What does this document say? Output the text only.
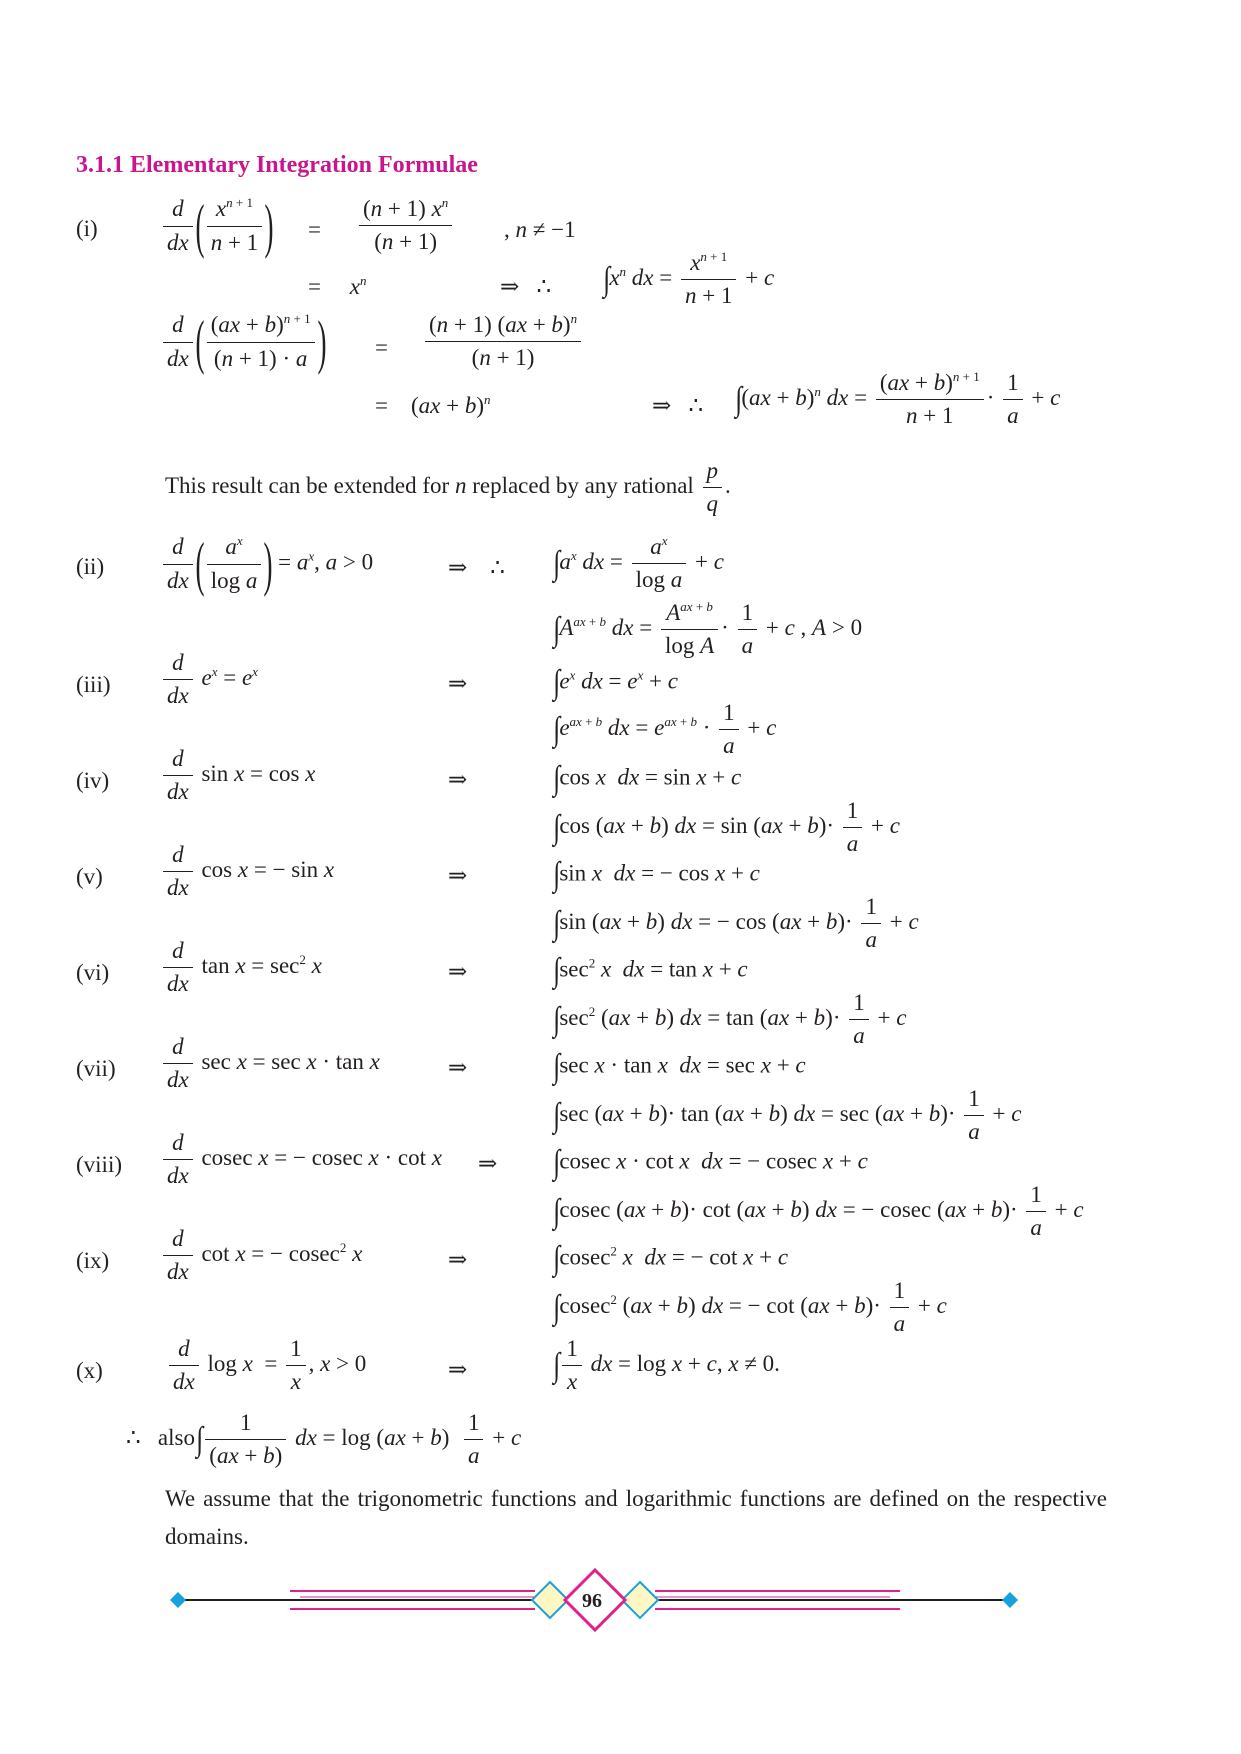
3.1.1 Elementary Integration Formulae
(i)	$\frac{d}{dx}$ ( $\frac{x^{n + 1}}{n + 1}$ ) = $\frac{(n + 1) x^n}{(n + 1)}$ , n ≠ −1
=     $x^n$	⇒   ∴ $\int x^n$ dx = $\frac{x^{n + 1}}{n + 1} + c$
$\frac{d}{dx}$ ( $\frac{(ax + b)^{n + 1}}{(n + 1) \cdot a}$ ) = $\frac{(n + 1) (ax + b)^n}{(n + 1)}$
=    (ax + b)$^n$	⇒   ∴ ∫(ax + b)$^n$ dx = $\frac{(ax + b)^{n + 1}}{n + 1} \cdot \frac{1}{a} + c$
This result can be extended for n replaced by any rational $\frac{p}{q}$ .
(ii)	$\frac{d}{dx}$ ( $\frac{a^x}{\text{log a}}$ ) = $a^x$, a > 0	⇒    ∴ $\int a^x$ dx = $\frac{a^x}{\text{log a}} + c$
$\int A^{ax + b}$ dx = $\frac{A^{ax + b}}{\text{log A}} \cdot \frac{1}{a} + c$ , A > 0
$(iii) \frac{d}{dx} e^x = e^x$	⇒	$\int e^x$ dx = $e^x + c$
$\int e^{ax + b}$ dx = $e^{ax + b} \cdot \frac{1}{a} + c$
$(iv) \frac{d}{dx}$ sin x = cos x	⇒	∫cos x dx = sin x + c
∫cos (ax + b) dx = $\sin (ax + b)\cdot \frac{1}{a} + c$
(v)	$\frac{d}{dx}$ cos x = − sin x	⇒	∫sin x dx = − cos x + c
∫sin (ax + b) dx = − $\cos (ax + b)\cdot \frac{1}{a} + c$
$(vi) \frac{d}{dx}$ $\tan x = \sec^2 x$	⇒	$\int\sec^2$ x dx = tan x + c
$\int\sec^2$ (ax + b) dx = $\tan (ax + b)\cdot \frac{1}{a} + c$
$(vii) \frac{d}{dx}$ sec x = sec x · tan x	⇒	∫sec x · tan x dx = sec x + c
∫sec (ax + b)· tan (ax + b) dx = $\sec (ax + b)\cdot \frac{1}{a} + c$
(viii) $\frac{d}{dx}$ cosec x = − cosec x · cot x ⇒ ∫cosec x · cot x dx = − cosec x + c
∫cosec (ax + b)· cot (ax + b) dx = − cosec $(ax + b)\cdot \frac{1}{a} + c$
$(ix) \frac{d}{dx}$ cot x = − cosec$^2$ x	⇒	∫cosec$^2$ x dx = − cot x + c
∫cosec$^2$ (ax + b) dx = − $\cot (ax + b)\cdot \frac{1}{a} + c$
(x)	$\frac{d}{dx}$ $\log x = \frac{1}{x}$ , x > 0	⇒	∫ $\frac{1}{x}$ dx = log x + c, x ≠ 0.
∴   also∫ $\frac{1}{(ax + b)}$ dx = $\log (ax + b) \frac{1}{a} + c$
We assume that the trigonometric functions and logarithmic functions are defined on the respective domains.
96
